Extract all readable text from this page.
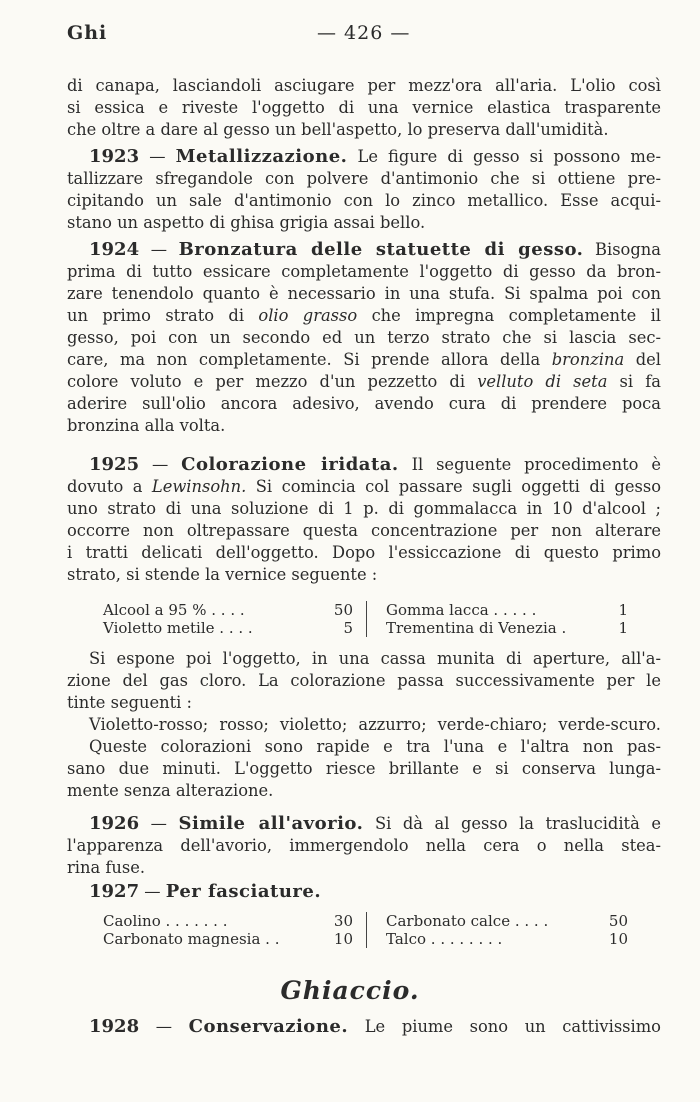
Ghi	— 426 —
di canapa, lasciandoli asciugare per mezz'ora all'aria. L'olio così
si essica e riveste l'oggetto di una vernice elastica trasparente
che oltre a dare al gesso un bell'aspetto, lo preserva dall'umidità.
1923 — Metallizzazione. Le figure di gesso si possono me-
tallizzare sfregandole con polvere d'antimonio che si ottiene pre-
cipitando un sale d'antimonio con lo zinco metallico. Esse acqui-
stano un aspetto di ghisa grigia assai bello.
1924 — Bronzatura delle statuette di gesso. Bisogna
prima di tutto essicare completamente l'oggetto di gesso da bron-
zare tenendolo quanto è necessario in una stufa. Si spalma poi con
un primo strato di olio grasso che impregna completamente il
gesso, poi con un secondo ed un terzo strato che si lascia sec-
care, ma non completamente. Si prende allora della bronzina del
colore voluto e per mezzo d'un pezzetto di velluto di seta si fa
aderire sull'olio ancora adesivo, avendo cura di prendere poca
bronzina alla volta.
1925 — Colorazione iridata. Il seguente procedimento è
dovuto a Lewinsohn. Si comincia col passare sugli oggetti di gesso
uno strato di una soluzione di 1 p. di gommalacca in 10 d'alcool ;
occorre non oltrepassare questa concentrazione per non alterare
i tratti delicati dell'oggetto. Dopo l'essiccazione di questo primo
strato, si stende la vernice seguente :
Alcool a 95 % . . . .	50 Gomma lacca . . . . .	1
Violetto metile . . . .	5 Trementina di Venezia .	1
Si espone poi l'oggetto, in una cassa munita di aperture, all'a-
zione del gas cloro. La colorazione passa successivamente per le
tinte seguenti :
Violetto-rosso; rosso; violetto; azzurro; verde-chiaro; verde-scuro.
Queste colorazioni sono rapide e tra l'una e l'altra non pas-
sano due minuti. L'oggetto riesce brillante e si conserva lunga-
mente senza alterazione.
1926 — Simile all'avorio. Si dà al gesso la traslucidità e
l'apparenza dell'avorio, immergendolo nella cera o nella stea-
rina fuse.
1927 — Per fasciature.
Caolino . . . . . . .	30 Carbonato calce . . . .	50
Carbonato magnesia . .	10 Talco . . . . . . . .	10
Ghiaccio.
1928 — Conservazione. Le piume sono un cattivissimo
